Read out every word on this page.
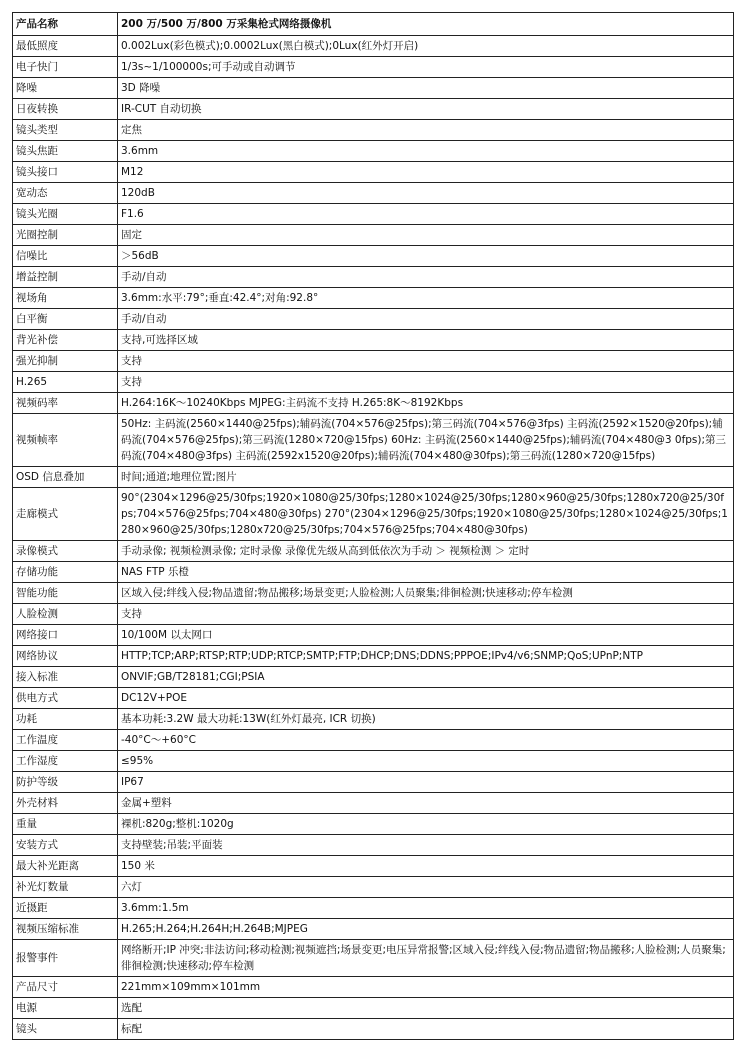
产品名称	200 万/500 万/800 万采集枪式网络摄像机
最低照度	0.002Lux(彩色模式);0.0002Lux(黑白模式);0Lux(红外灯开启)
电子快门	1/3s~1/100000s;可手动或自动调节
降噪	3D 降噪
日夜转换	IR-CUT 自动切换
镜头类型	定焦
镜头焦距	3.6mm
镜头接口	M12
宽动态	120dB
镜头光圈	F1.6
光圈控制	固定
信噪比	＞56dB
增益控制	手动/自动
视场角	3.6mm:水平:79°;垂直:42.4°;对角:92.8°
白平衡	手动/自动
背光补偿	支持,可选择区域
强光抑制	支持
H.265	支持
视频码率	H.264:16K～10240Kbps MJPEG:主码流不支持 H.265:8K～8192Kbps
视频帧率	50Hz: 主码流(2560×1440@25fps);辅码流(704×576@25fps);第三码流(704×576@3fps) 主码流(2592×1520@20fps);辅码流(704×576@25fps);第三码流(1280×720@15fps) 60Hz: 主码流(2560×1440@25fps);辅码流(704×480@3 0fps);第三码流(704×480@3fps) 主码流(2592x1520@20fps);辅码流(704×480@30fps);第三码流(1280×720@15fps)
OSD 信息叠加	时间;通道;地理位置;图片
走廊模式	90°(2304×1296@25/30fps;1920×1080@25/30fps;1280×1024@25/30fps;1280×960@25/30fps;1280x720@25/30fps;704×576@25fps;704×480@30fps) 270°(2304×1296@25/30fps;1920×1080@25/30fps;1280×1024@25/30fps;1 280×960@25/30fps;1280x720@25/30fps;704×576@25fps;704×480@30fps)
录像模式	手动录像; 视频检测录像; 定时录像 录像优先级从高到低依次为手动 ＞ 视频检测 ＞ 定时
存储功能	NAS FTP 乐橙
智能功能	区域入侵;绊线入侵;物品遗留;物品搬移;场景变更;人脸检测;人员聚集;徘徊检测;快速移动;停车检测
人脸检测	支持
网络接口	10/100M 以太网口
网络协议	HTTP;TCP;ARP;RTSP;RTP;UDP;RTCP;SMTP;FTP;DHCP;DNS;DDNS;PPPOE;IPv4/v6;SNMP;QoS;UPnP;NTP
接入标准	ONVIF;GB/T28181;CGI;PSIA
供电方式	DC12V+POE
功耗	基本功耗:3.2W 最大功耗:13W(红外灯最亮, ICR 切换)
工作温度	-40°C～+60°C
工作湿度	≤95%
防护等级	IP67
外壳材料	金属+塑料
重量	裸机:820g;整机:1020g
安装方式	支持壁装;吊装;平面装
最大补光距离	150 米
补光灯数量	六灯
近摄距	3.6mm:1.5m
视频压缩标准	H.265;H.264;H.264H;H.264B;MJPEG
报警事件	网络断开;IP 冲突;非法访问;移动检测;视频遮挡;场景变更;电压异常报警;区域入侵;绊线入侵;物品遗留;物品搬移;人脸检测;人员聚集;徘徊检测;快速移动;停车检测
产品尺寸	221mm×109mm×101mm
电源	选配
镜头	标配
